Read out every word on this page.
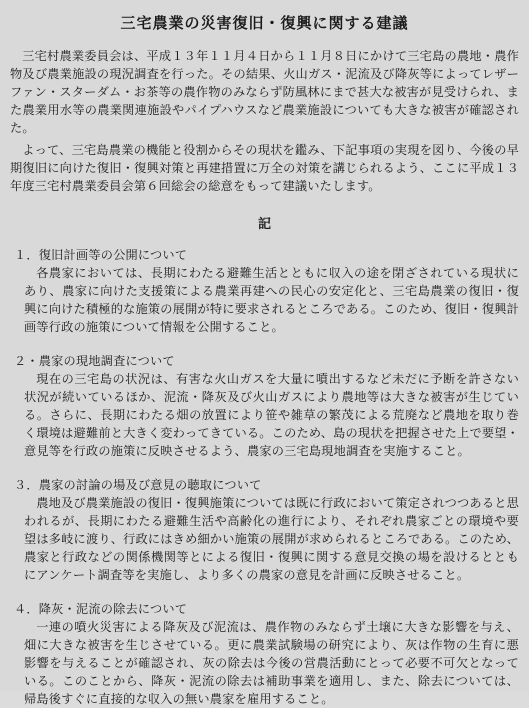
三宅農業の災害復旧・復興に関する建議

三宅村農業委員会は、平成１３年１１月４日から１１月８日にかけて三宅島の農地・農作物及び農業施設の現況調査を行った。その結果、火山ガス・泥流及び降灰等によってレザーファン・スターダム・お茶等の農作物のみならず防風林にまで甚大な被害が見受けられ、また農業用水等の農業関連施設やパイプハウスなど農業施設についても大きな被害が確認された。

よって、三宅島農業の機能と役割からその現状を鑑み、下記事項の実現を図り、今後の早期復旧に向けた復旧・復興対策と再建措置に万全の対策を講じられるよう、ここに平成１３年度三宅村農業委員会第６回総会の総意をもって建議いたします。

記

１．復旧計画等の公開について

各農家においては、長期にわたる避難生活とともに収入の途を閉ざされている現状にあり、農家に向けた支援策による農業再建への民心の安定化と、三宅島農業の復旧・復興に向けた積極的な施策の展開が特に要求されるところである。このため、復旧・復興計画等行政の施策について情報を公開すること。

２・農家の現地調査について

現在の三宅島の状況は、有害な火山ガスを大量に噴出するなど未だに予断を許さない状況が続いているほか、泥流・降灰及び火山ガスにより農地等は大きな被害が生じている。さらに、長期にわたる畑の放置により笹や雑草の繁茂による荒廃など農地を取り巻く環境は避難前と大きく変わってきている。このため、島の現状を把握させた上で要望・意見等を行政の施策に反映させるよう、農家の三宅島現地調査を実施すること。

３．農家の討論の場及び意見の聴取について

農地及び農業施設の復旧・復興施策については既に行政において策定されつつあると思われるが、長期にわたる避難生活や高齢化の進行により、それぞれ農家ごとの環境や要望は多岐に渡り、行政にはきめ細かい施策の展開が求められるところである。このため、農家と行政などの関係機関等とによる復旧・復興に関する意見交換の場を設けるとともにアンケート調査等を実施し、より多くの農家の意見を計画に反映させること。

４．降灰・泥流の除去について

一連の噴火災害による降灰及び泥流は、農作物のみならず土壌に大きな影響を与え、畑に大きな被害を生じさせている。更に農業試験場の研究により、灰は作物の生育に悪影響を与えることが確認され、灰の除去は今後の営農活動にとって必要不可欠となっている。このことから、降灰・泥流の除去は補助事業を適用し、また、除去については、帰島後すぐに直接的な収入の無い農家を雇用すること。
